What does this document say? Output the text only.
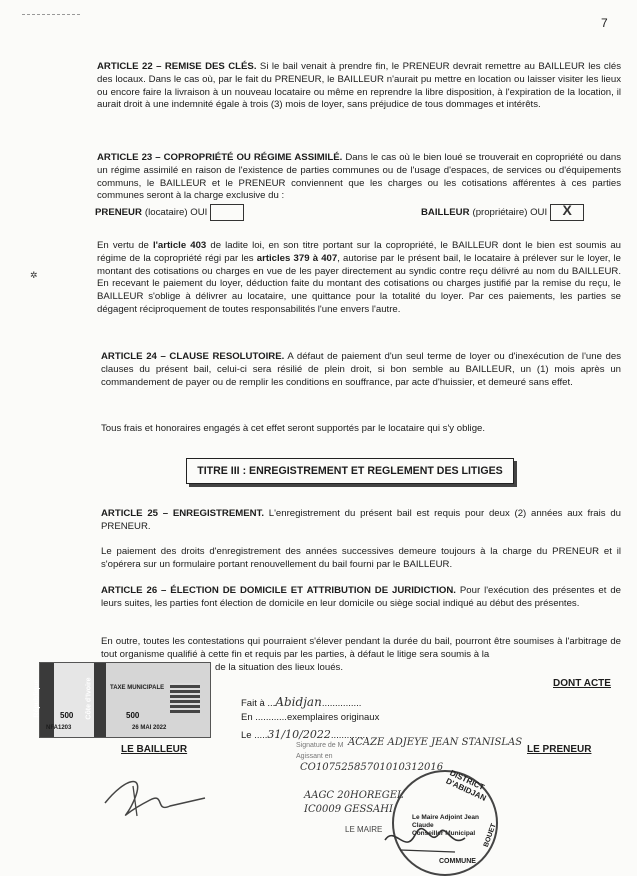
7

ARTICLE 22 – REMISE DES CLÉS. Si le bail venait à prendre fin, le PRENEUR devrait remettre au BAILLEUR les clés des locaux. Dans le cas où, par le fait du PRENEUR, le BAILLEUR n'aurait pu mettre en location ou laisser visiter les lieux ou encore faire la livraison à un nouveau locataire ou même en reprendre la libre disposition, à l'expiration de la location, il aurait droit à une indemnité égale à trois (3) mois de loyer, sans préjudice de tous dommages et intérêts.

ARTICLE 23 – COPROPRIÉTÉ OU RÉGIME ASSIMILÉ. Dans le cas où le bien loué se trouverait en copropriété ou dans un régime assimilé en raison de l'existence de parties communes ou de l'usage d'espaces, de services ou d'équipements communs, le BAILLEUR et le PRENEUR conviennent que les charges ou les cotisations afférentes à ces parties communes seront à la charge exclusive du :

PRENEUR (locataire) OUI	BAILLEUR (propriétaire) OUI	X

En vertu de l'article 403 de ladite loi, en son titre portant sur la copropriété, le BAILLEUR dont le bien est soumis au régime de la copropriété régi par les articles 379 à 407, autorise par le présent bail, le locataire à prélever sur le loyer, le montant des cotisations ou charges en vue de les payer directement au syndic contre reçu délivré au nom du BAILLEUR. En recevant le paiement du loyer, déduction faite du montant des cotisations ou charges justifié par la remise du reçu, le BAILLEUR s'oblige à délivrer au locataire, une quittance pour la totalité du loyer. Par ces paiements, les parties se dégagent réciproquement de toutes responsabilités l'une envers l'autre.

✲

ARTICLE 24 – CLAUSE RESOLUTOIRE. A défaut de paiement d'un seul terme de loyer ou d'inexécution de l'une des clauses du présent bail, celui-ci sera résilié de plein droit, si bon semble au BAILLEUR, un (1) mois après un commandement de payer ou de remplir les conditions en souffrance, par acte d'huissier, et demeuré sans effet.

Tous frais et honoraires engagés à cet effet seront supportés par le locataire qui s'y oblige.

TITRE III : ENREGISTREMENT ET REGLEMENT DES LITIGES

ARTICLE 25 – ENREGISTREMENT. L'enregistrement du présent bail est requis pour deux (2) années aux frais du PRENEUR.

Le paiement des droits d'enregistrement des années successives demeure toujours à la charge du PRENEUR et il s'opérera sur un formulaire portant renouvellement du bail fourni par le BAILLEUR.

ARTICLE 26 – ÉLECTION DE DOMICILE ET ATTRIBUTION DE JURIDICTION. Pour l'exécution des présentes et de leurs suites, les parties font élection de domicile en leur domicile ou siège social indiqué au début des présentes.

En outre, toutes les contestations qui pourraient s'élever pendant la durée du bail, pourront être soumises à l'arbitrage de tout organisme qualifié à cette fin et requis par les parties, à défaut le litige sera soumis à la

de la situation des lieux loués.

DONT ACTE
République	Côte d'Ivoire
500	500
TAXE MUNICIPALE
NFA1203	26 MAI 2022
LE BAILLEUR
Fait à ...Abidjan...............
En ............exemplaires originaux
Le .....31/10/2022..............
Signature de M ACAZE ADJEYE JEAN STANISLAS
Agissant en
CO10752585701010312016
AAGC 20HOREGEL
IC0009 GESSAHI
LE MAIRE
LE PRENEUR
DISTRICT D'ABIDJAN
Le Maire Adjoint Jean Claude
Conseiller Municipal
COMMUNE
BOUET
